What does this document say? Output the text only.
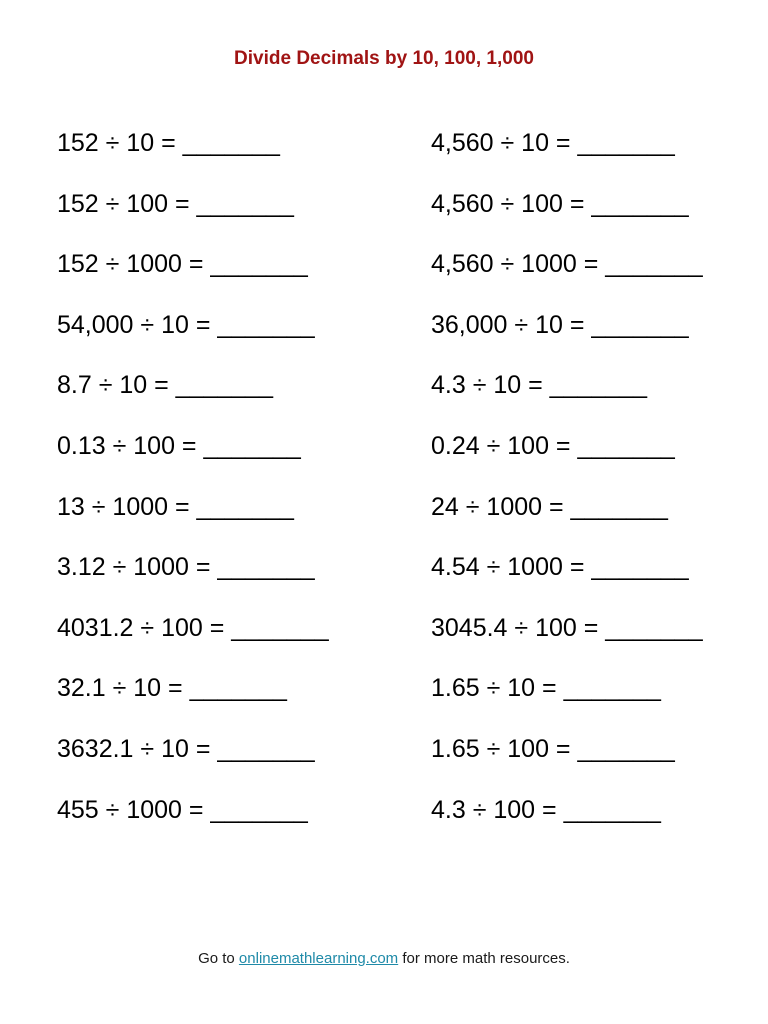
Divide Decimals by 10, 100, 1,000
152 ÷ 10 = _______
152 ÷ 100 = _______
152 ÷ 1000 = _______
54,000 ÷ 10 = _______
8.7 ÷ 10 = _______
0.13 ÷ 100 = _______
13 ÷ 1000 = _______
3.12 ÷ 1000 = _______
4031.2 ÷ 100 = _______
32.1 ÷ 10 = _______
3632.1 ÷ 10 = _______
455 ÷ 1000 = _______
4,560 ÷ 10 = _______
4,560 ÷ 100 = _______
4,560 ÷ 1000 = _______
36,000 ÷ 10 = _______
4.3 ÷ 10 = _______
0.24 ÷ 100 = _______
24 ÷ 1000 = _______
4.54 ÷ 1000 = _______
3045.4 ÷ 100 = _______
1.65 ÷ 10 = _______
1.65 ÷ 100 = _______
4.3 ÷ 100 = _______
Go to onlinemathlearning.com for more math resources.
